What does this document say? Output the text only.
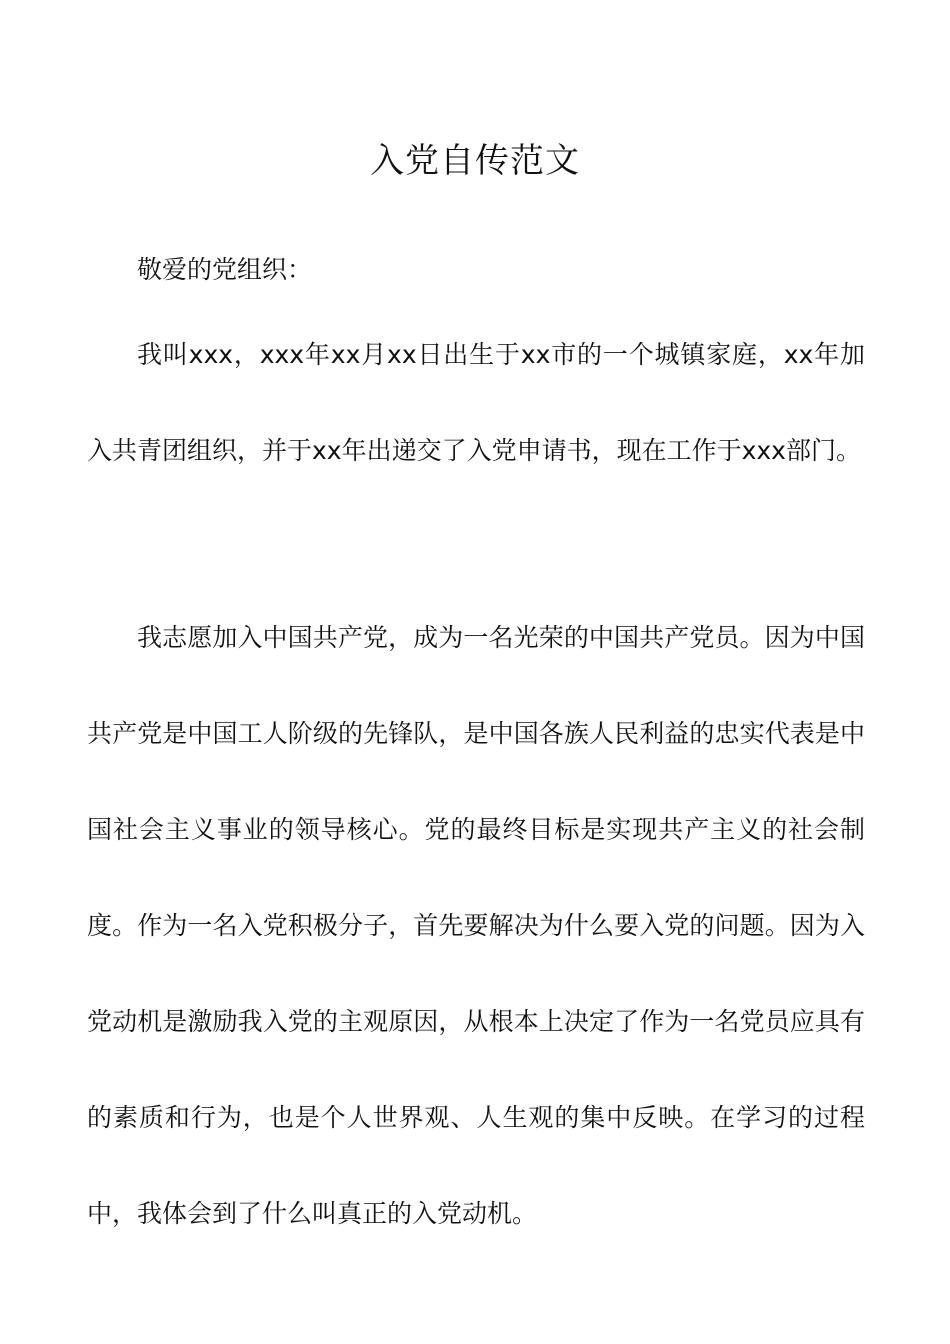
入党自传范文

敬爱的党组织：

我叫xxx，xxx年xx月xx日出生于xx市的一个城镇家庭，xx年加入共青团组织，并于xx年出递交了入党申请书，现在工作于xxx部门。

我志愿加入中国共产党，成为一名光荣的中国共产党员。因为中国共产党是中国工人阶级的先锋队，是中国各族人民利益的忠实代表是中国社会主义事业的领导核心。党的最终目标是实现共产主义的社会制度。作为一名入党积极分子，首先要解决为什么要入党的问题。因为入党动机是激励我入党的主观原因，从根本上决定了作为一名党员应具有的素质和行为，也是个人世界观、人生观的集中反映。在学习的过程中，我体会到了什么叫真正的入党动机。
